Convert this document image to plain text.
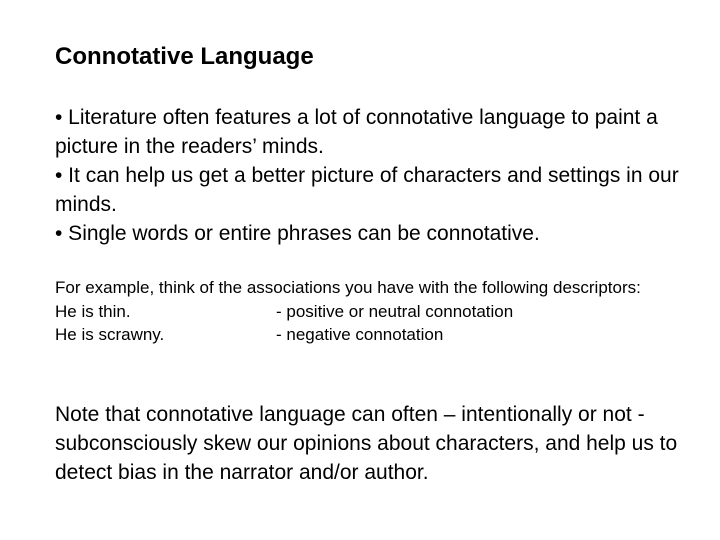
Connotative Language
• Literature often features a lot of connotative language to paint a picture in the readers’ minds.
• It can help us get a better picture of characters and settings in our minds.
• Single words or entire phrases can be connotative.
For example, think of the associations you have with the following descriptors:
He is thin.	- positive or neutral connotation
He is scrawny.	- negative connotation
Note that connotative language can often – intentionally or not - subconsciously skew our opinions about characters, and help us to detect bias in the narrator and/or author.
